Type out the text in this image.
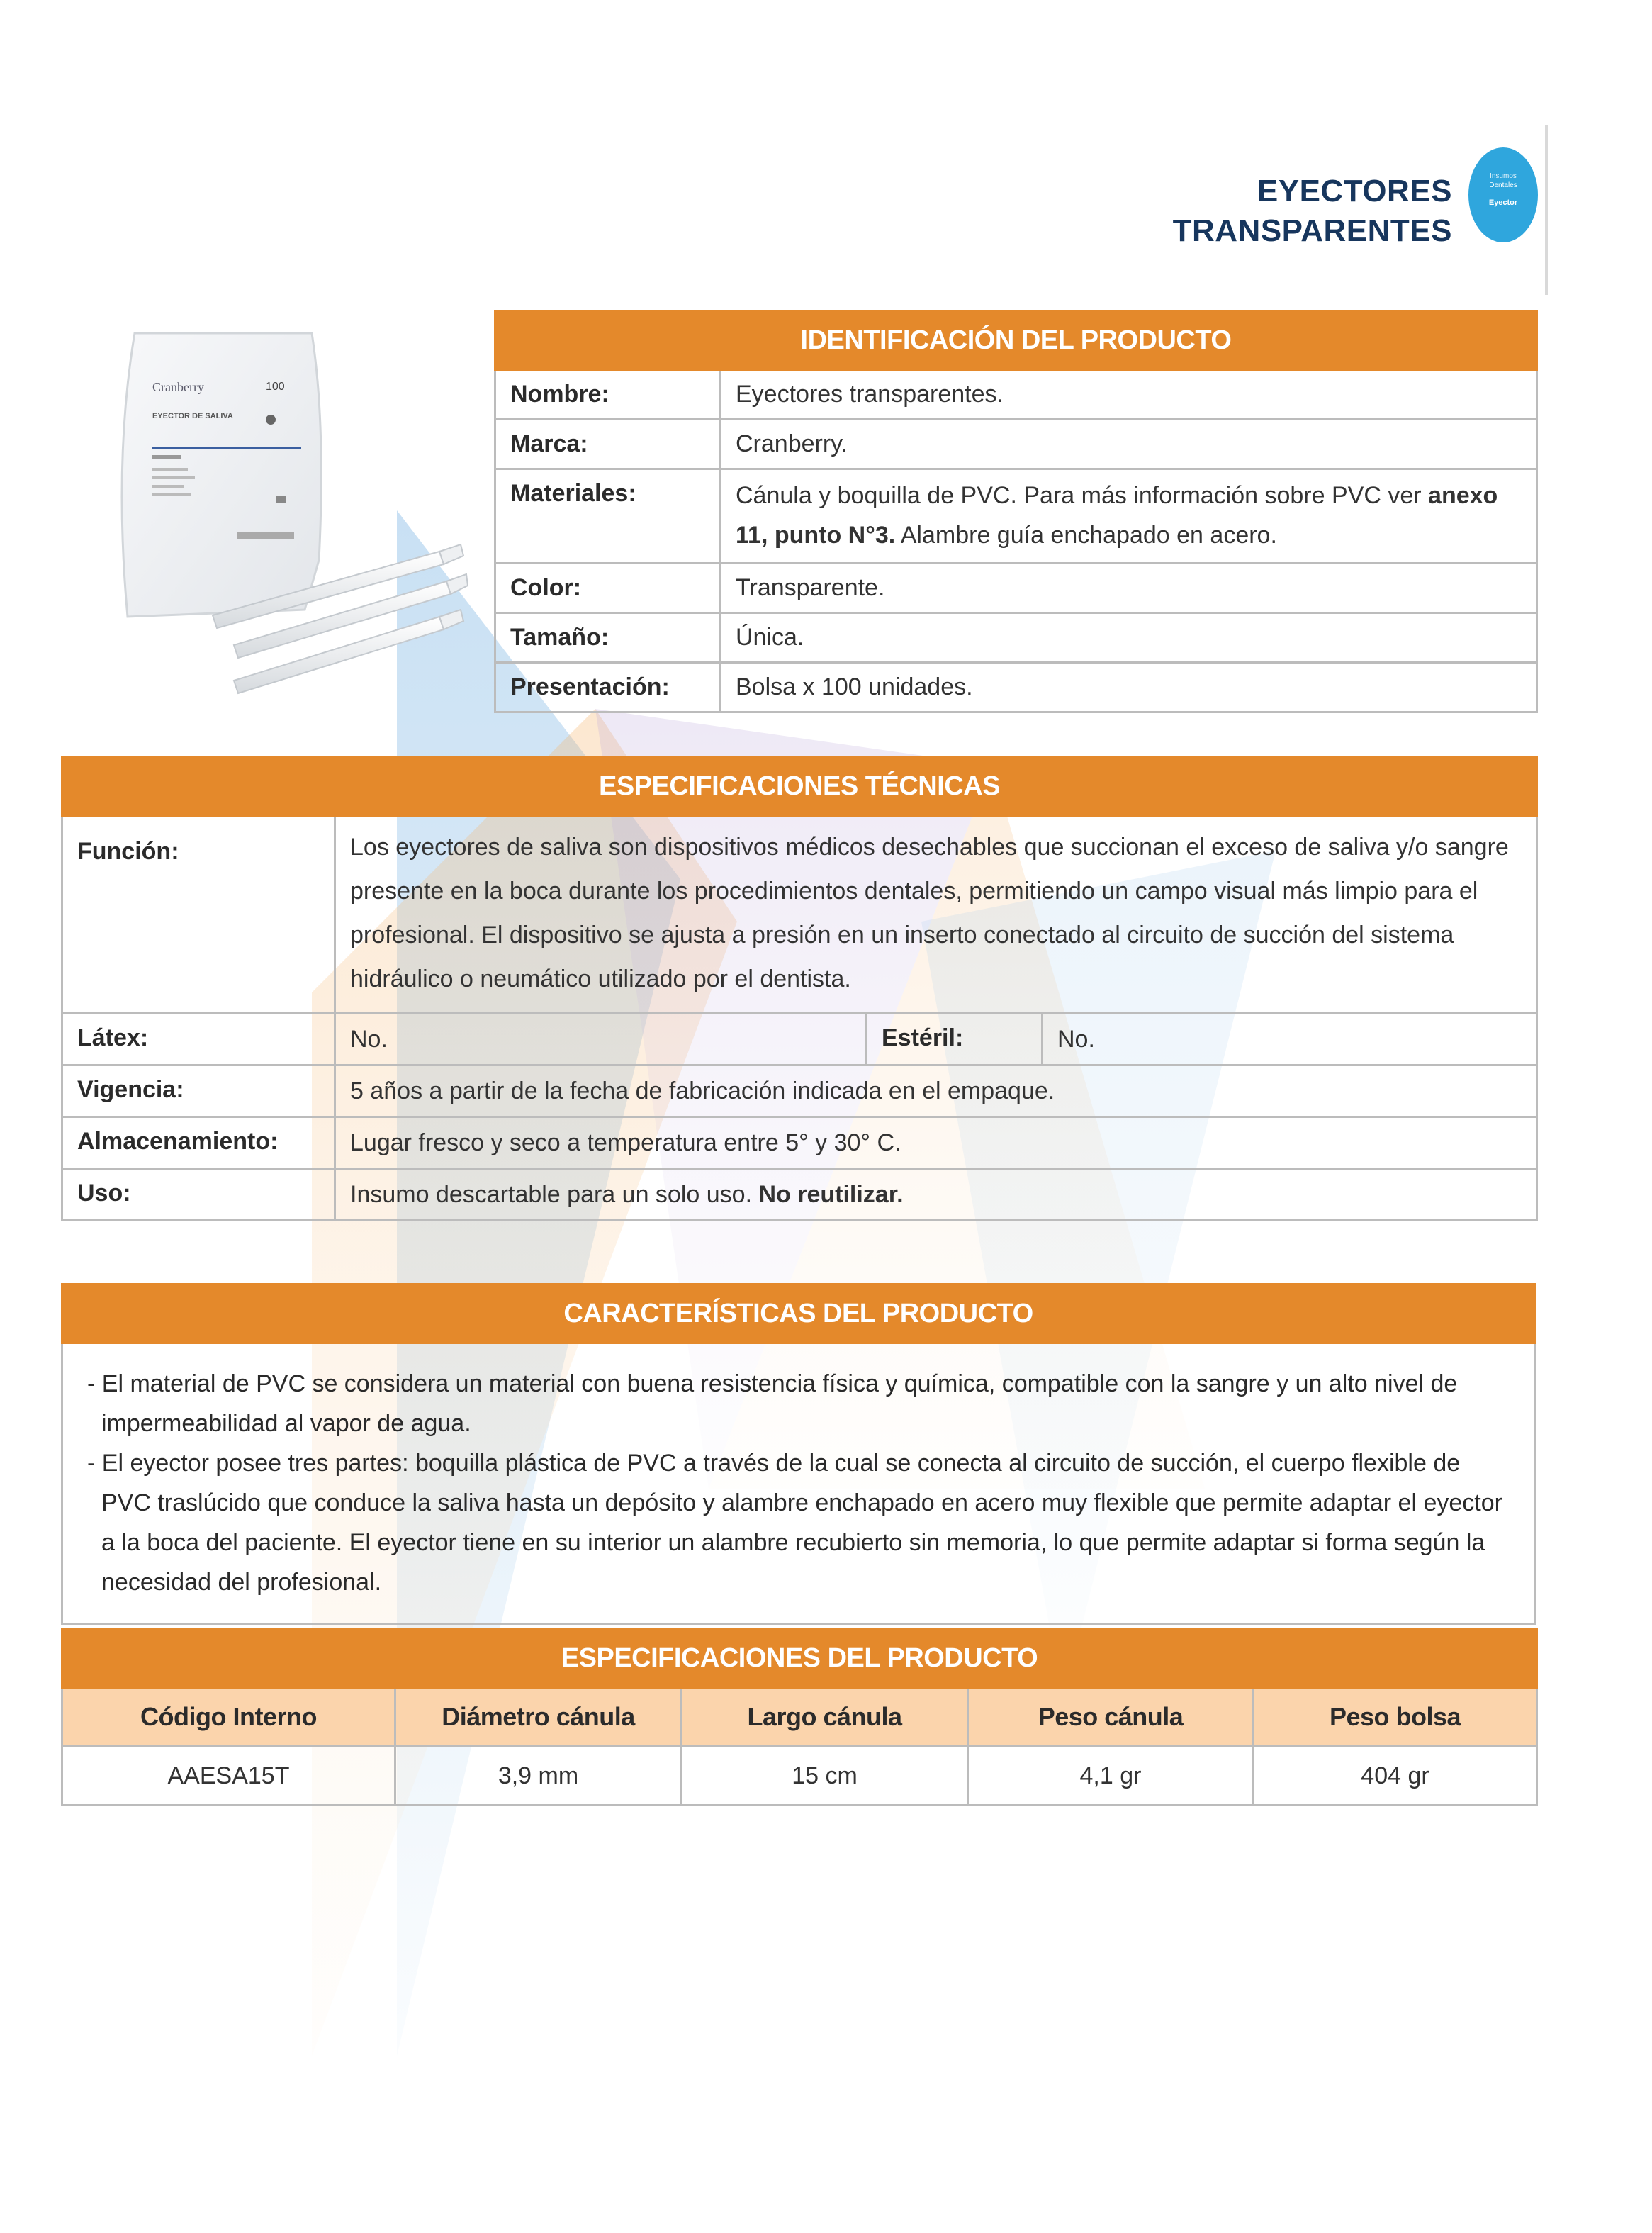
EYECTORES
TRANSPARENTES
Insumos
Dentales
Eyector
Cranberry	100
EYECTOR DE SALIVA
IDENTIFICACIÓN DEL PRODUCTO	
Nombre:	Eyectores transparentes.
Marca:	Cranberry.
Materiales:	Cánula y boquilla de PVC. Para más información sobre PVC ver anexo 11, punto N°3. Alambre guía enchapado en acero.
Color:	Transparente.
Tamaño:	Única.
Presentación:	Bolsa x 100 unidades.
ESPECIFICACIONES TÉCNICAS			
Función:	Los eyectores de saliva son dispositivos médicos desechables que succionan el exceso de saliva y/o sangre presente en la boca durante los procedimientos dentales, permitiendo un campo visual más limpio para el profesional. El dispositivo se ajusta a presión en un inserto conectado al circuito de succión del sistema hidráulico o neumático utilizado por el dentista.		
Látex:	No.	Estéril:	No.
Vigencia:	5 años a partir de la fecha de fabricación indicada en el empaque.		
Almacenamiento:	Lugar fresco y seco a temperatura entre 5° y 30° C.		
Uso:	Insumo descartable para un solo uso. No reutilizar.		
CARACTERÍSTICAS DEL PRODUCTO

- El material de PVC se considera un material con buena resistencia física y química, compatible con la sangre y un alto nivel de impermeabilidad al vapor de agua.
- El eyector posee tres partes: boquilla plástica de PVC a través de la cual se conecta al circuito de succión, el cuerpo flexible de PVC traslúcido que conduce la saliva hasta un depósito y alambre enchapado en acero muy flexible que permite adaptar el eyector a la boca del paciente. El eyector tiene en su interior un alambre recubierto sin memoria, lo que permite adaptar si forma según la necesidad del profesional.
ESPECIFICACIONES DEL PRODUCTO				
Código Interno	Diámetro cánula	Largo cánula	Peso cánula	Peso bolsa
AAESA15T	3,9 mm	15 cm	4,1 gr	404 gr
